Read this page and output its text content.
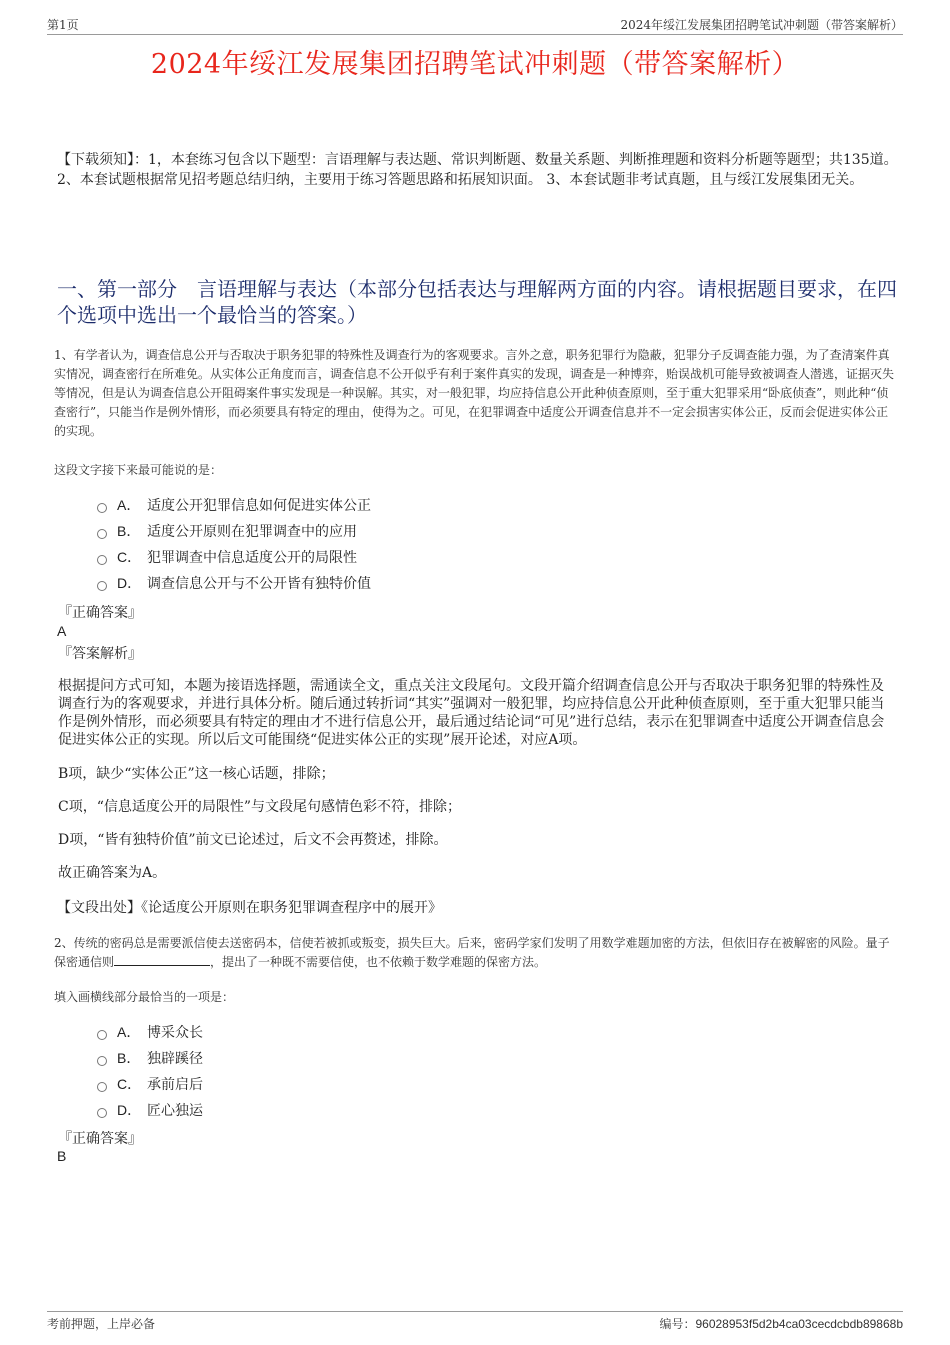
第1页	2024年绥江发展集团招聘笔试冲刺题（带答案解析）
2024年绥江发展集团招聘笔试冲刺题（带答案解析）
【下载须知】：1，本套练习包含以下题型：言语理解与表达题、常识判断题、数量关系题、判断推理题和资料分析题等题型；共135道。 2、本套试题根据常见招考题总结归纳，主要用于练习答题思路和拓展知识面。 3、本套试题非考试真题，且与绥江发展集团无关。
一、第一部分　言语理解与表达（本部分包括表达与理解两方面的内容。请根据题目要求，在四个选项中选出一个最恰当的答案。）
1、有学者认为，调查信息公开与否取决于职务犯罪的特殊性及调查行为的客观要求。言外之意，职务犯罪行为隐蔽，犯罪分子反调查能力强，为了查清案件真实情况，调查密行在所难免。从实体公正角度而言，调查信息不公开似乎有利于案件真实的发现，调查是一种博弈，贻误战机可能导致被调查人潜逃，证据灭失等情况，但是认为调查信息公开阻碍案件事实发现是一种误解。其实，对一般犯罪，均应持信息公开此种侦查原则，至于重大犯罪采用“卧底侦查”，则此种“侦查密行”，只能当作是例外情形，而必须要具有特定的理由，使得为之。可见，在犯罪调查中适度公开调查信息并不一定会损害实体公正，反而会促进实体公正的实现。
这段文字接下来最可能说的是：
A． 适度公开犯罪信息如何促进实体公正
B． 适度公开原则在犯罪调查中的应用
C． 犯罪调查中信息适度公开的局限性
D． 调查信息公开与不公开皆有独特价值
『正确答案』
A
『答案解析』
根据提问方式可知，本题为接语选择题，需通读全文，重点关注文段尾句。文段开篇介绍调查信息公开与否取决于职务犯罪的特殊性及调查行为的客观要求，并进行具体分析。随后通过转折词“其实”强调对一般犯罪，均应持信息公开此种侦查原则，至于重大犯罪只能当作是例外情形，而必须要具有特定的理由才不进行信息公开，最后通过结论词“可见”进行总结，表示在犯罪调查中适度公开调查信息会促进实体公正的实现。所以后文可能围绕“促进实体公正的实现”展开论述，对应A项。
B项，缺少“实体公正”这一核心话题，排除；
C项，“信息适度公开的局限性”与文段尾句感情色彩不符，排除；
D项，“皆有独特价值”前文已论述过，后文不会再赘述，排除。
故正确答案为A。
【文段出处】《论适度公开原则在职务犯罪调查程序中的展开》
2、传统的密码总是需要派信使去送密码本，信使若被抓或叛变，损失巨大。后来，密码学家们发明了用数学难题加密的方法，但依旧存在被解密的风险。量子保密通信则	，提出了一种既不需要信使，也不依赖于数学难题的保密方法。
填入画横线部分最恰当的一项是：
A． 博采众长
B． 独辟蹊径
C． 承前启后
D． 匠心独运
『正确答案』
B
考前押题，上岸必备	编号：96028953f5d2b4ca03cecdcbdb89868b
